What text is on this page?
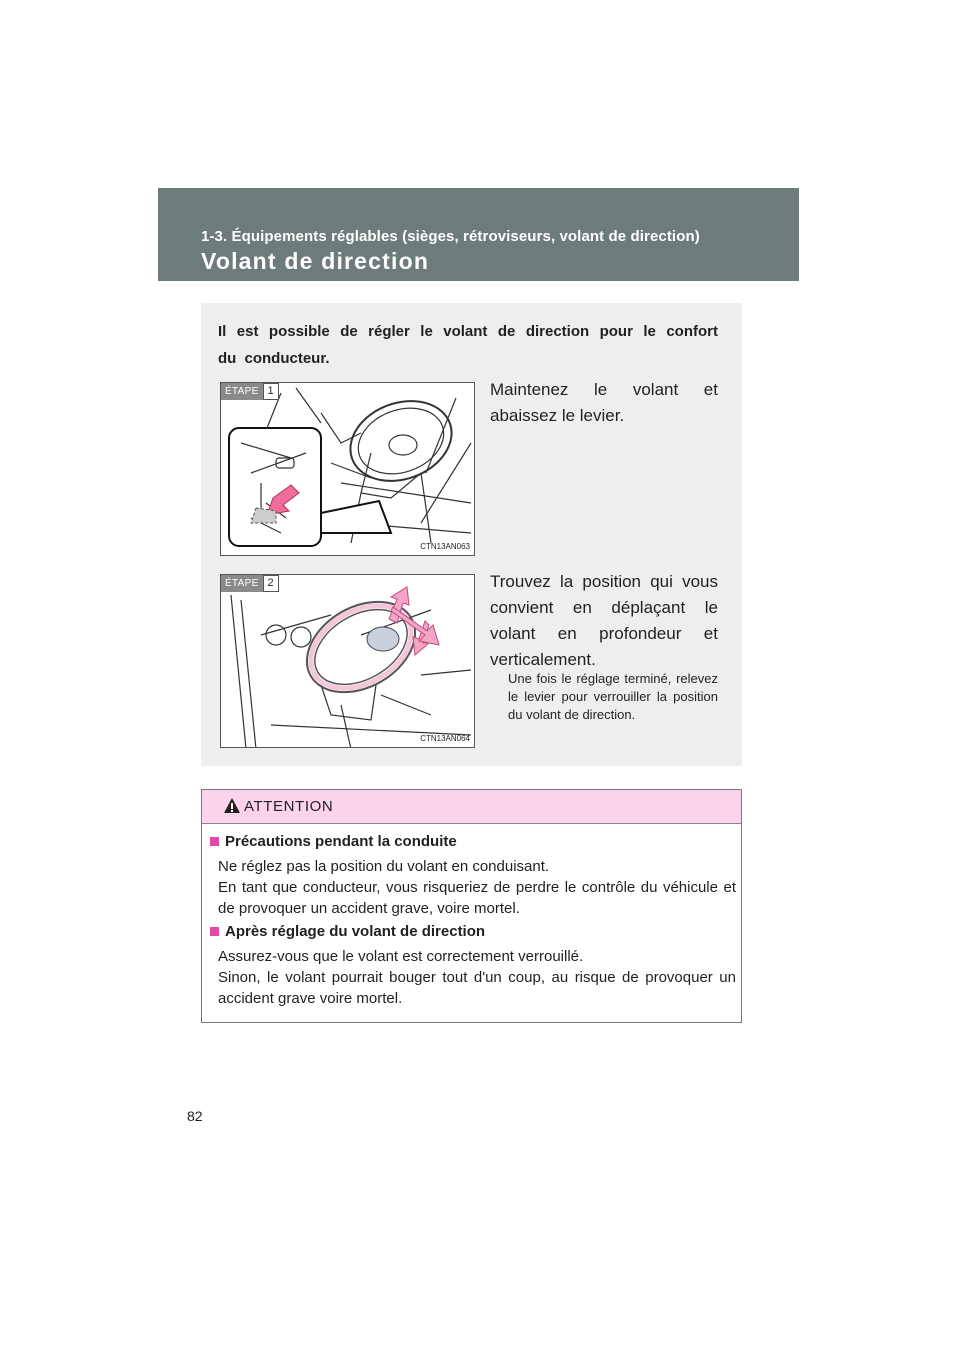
1-3. Équipements réglables (sièges, rétroviseurs, volant de direction)
Volant de direction
Il est possible de régler le volant de direction pour le confort du conducteur.
ÉTAPE 1
CTN13AN063
Maintenez le volant et abaissez le levier.
ÉTAPE 2
CTN13AN064
Trouvez la position qui vous convient en déplaçant le volant en profondeur et verticalement.
Une fois le réglage terminé, relevez le levier pour verrouiller la position du volant de direction.
ATTENTION
Précautions pendant la conduite
Ne réglez pas la position du volant en conduisant.
En tant que conducteur, vous risqueriez de perdre le contrôle du véhicule et de provoquer un accident grave, voire mortel.
Après réglage du volant de direction
Assurez-vous que le volant est correctement verrouillé.
Sinon, le volant pourrait bouger tout d'un coup, au risque de provoquer un accident grave voire mortel.
82
